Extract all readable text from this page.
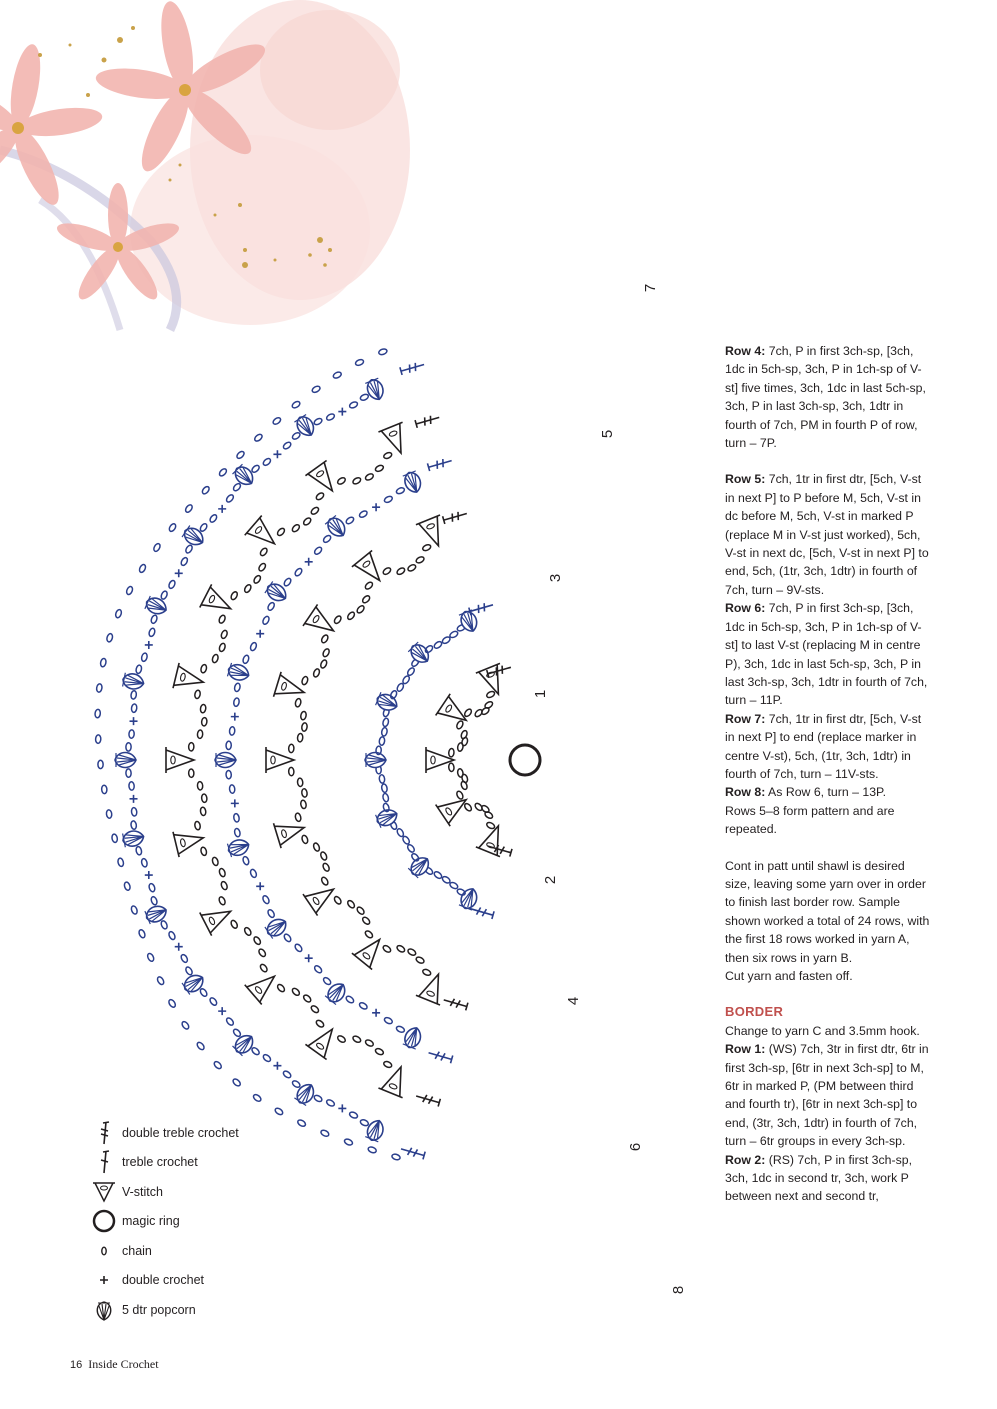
1
2
3
4
5
6
7
8

Row 4: 7ch, P in first 3ch-sp, [3ch, 1dc in 5ch-sp, 3ch, P in 1ch-sp of V-st] five times, 3ch, 1dc in last 5ch-sp, 3ch, P in last 3ch-sp, 3ch, 1dtr in fourth of 7ch, PM in fourth P of row, turn – 7P.

Row 5: 7ch, 1tr in first dtr, [5ch, V-st in next P] to P before M, 5ch, V-st in dc before M, 5ch, V-st in marked P (replace M in V-st just worked), 5ch, V-st in next dc, [5ch, V-st in next P] to end, 5ch, (1tr, 3ch, 1dtr) in fourth of 7ch, turn – 9V-sts.

Row 6: 7ch, P in first 3ch-sp, [3ch, 1dc in 5ch-sp, 3ch, P in 1ch-sp of V-st] to last V-st (replacing M in centre P), 3ch, 1dc in last 5ch-sp, 3ch, P in last 3ch-sp, 3ch, 1dtr in fourth of 7ch, turn – 11P.

Row 7: 7ch, 1tr in first dtr, [5ch, V-st in next P] to end (replace marker in centre V-st), 5ch, (1tr, 3ch, 1dtr) in fourth of 7ch, turn – 11V-sts.

Row 8: As Row 6, turn – 13P.

Rows 5–8 form pattern and are repeated.

Cont in patt until shawl is desired size, leaving some yarn over in order to finish last border row. Sample shown worked a total of 24 rows, with the first 18 rows worked in yarn A, then six rows in yarn B.

Cut yarn and fasten off.

BORDER

Change to yarn C and 3.5mm hook.

Row 1: (WS) 7ch, 3tr in first dtr, 6tr in first 3ch-sp, [6tr in next 3ch-sp] to M, 6tr in marked P, (PM between third and fourth tr), [6tr in next 3ch-sp] to end, (3tr, 3ch, 1dtr) in fourth of 7ch, turn – 6tr groups in every 3ch-sp.

Row 2: (RS) 7ch, P in first 3ch-sp, 3ch, 1dc in second tr, 3ch, work P between next and second tr,

double treble crochet
treble crochet
V-stitch
magic ring
chain
double crochet
5 dtr popcorn
16 Inside Crochet
